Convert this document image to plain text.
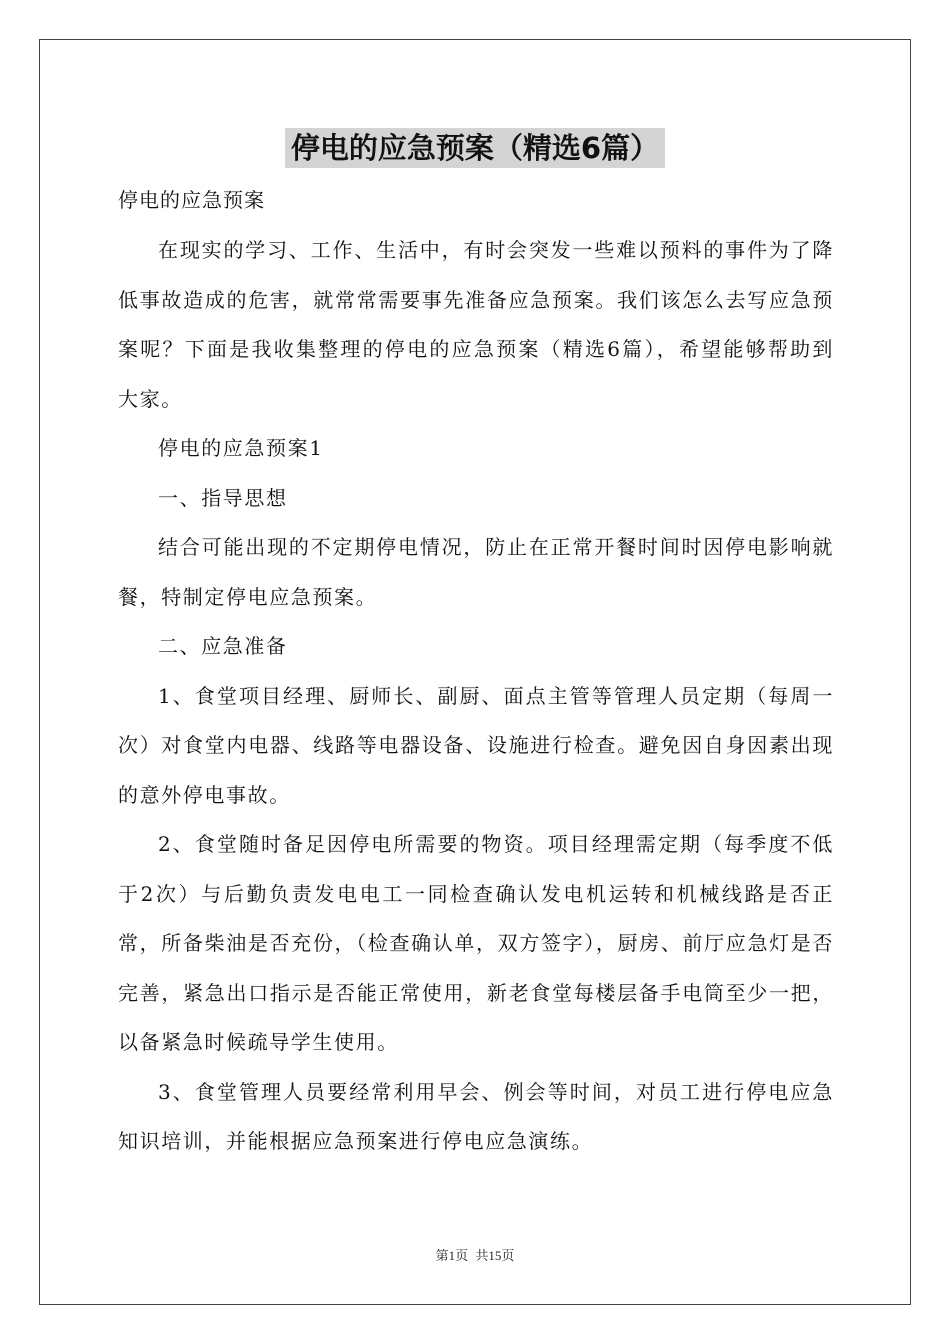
停电的应急预案（精选6篇）
停电的应急预案

在现实的学习、工作、生活中，有时会突发一些难以预料的事件为了降低事故造成的危害，就常常需要事先准备应急预案。我们该怎么去写应急预案呢？下面是我收集整理的停电的应急预案（精选6篇），希望能够帮助到大家。

停电的应急预案1

一、指导思想

结合可能出现的不定期停电情况，防止在正常开餐时间时因停电影响就餐，特制定停电应急预案。

二、应急准备

1、食堂项目经理、厨师长、副厨、面点主管等管理人员定期（每周一次）对食堂内电器、线路等电器设备、设施进行检查。避免因自身因素出现的意外停电事故。

2、食堂随时备足因停电所需要的物资。项目经理需定期（每季度不低于2次）与后勤负责发电电工一同检查确认发电机运转和机械线路是否正常，所备柴油是否充份，（检查确认单，双方签字），厨房、前厅应急灯是否完善，紧急出口指示是否能正常使用，新老食堂每楼层备手电筒至少一把，以备紧急时候疏导学生使用。

3、食堂管理人员要经常利用早会、例会等时间，对员工进行停电应急知识培训，并能根据应急预案进行停电应急演练。

第1页 共15页
